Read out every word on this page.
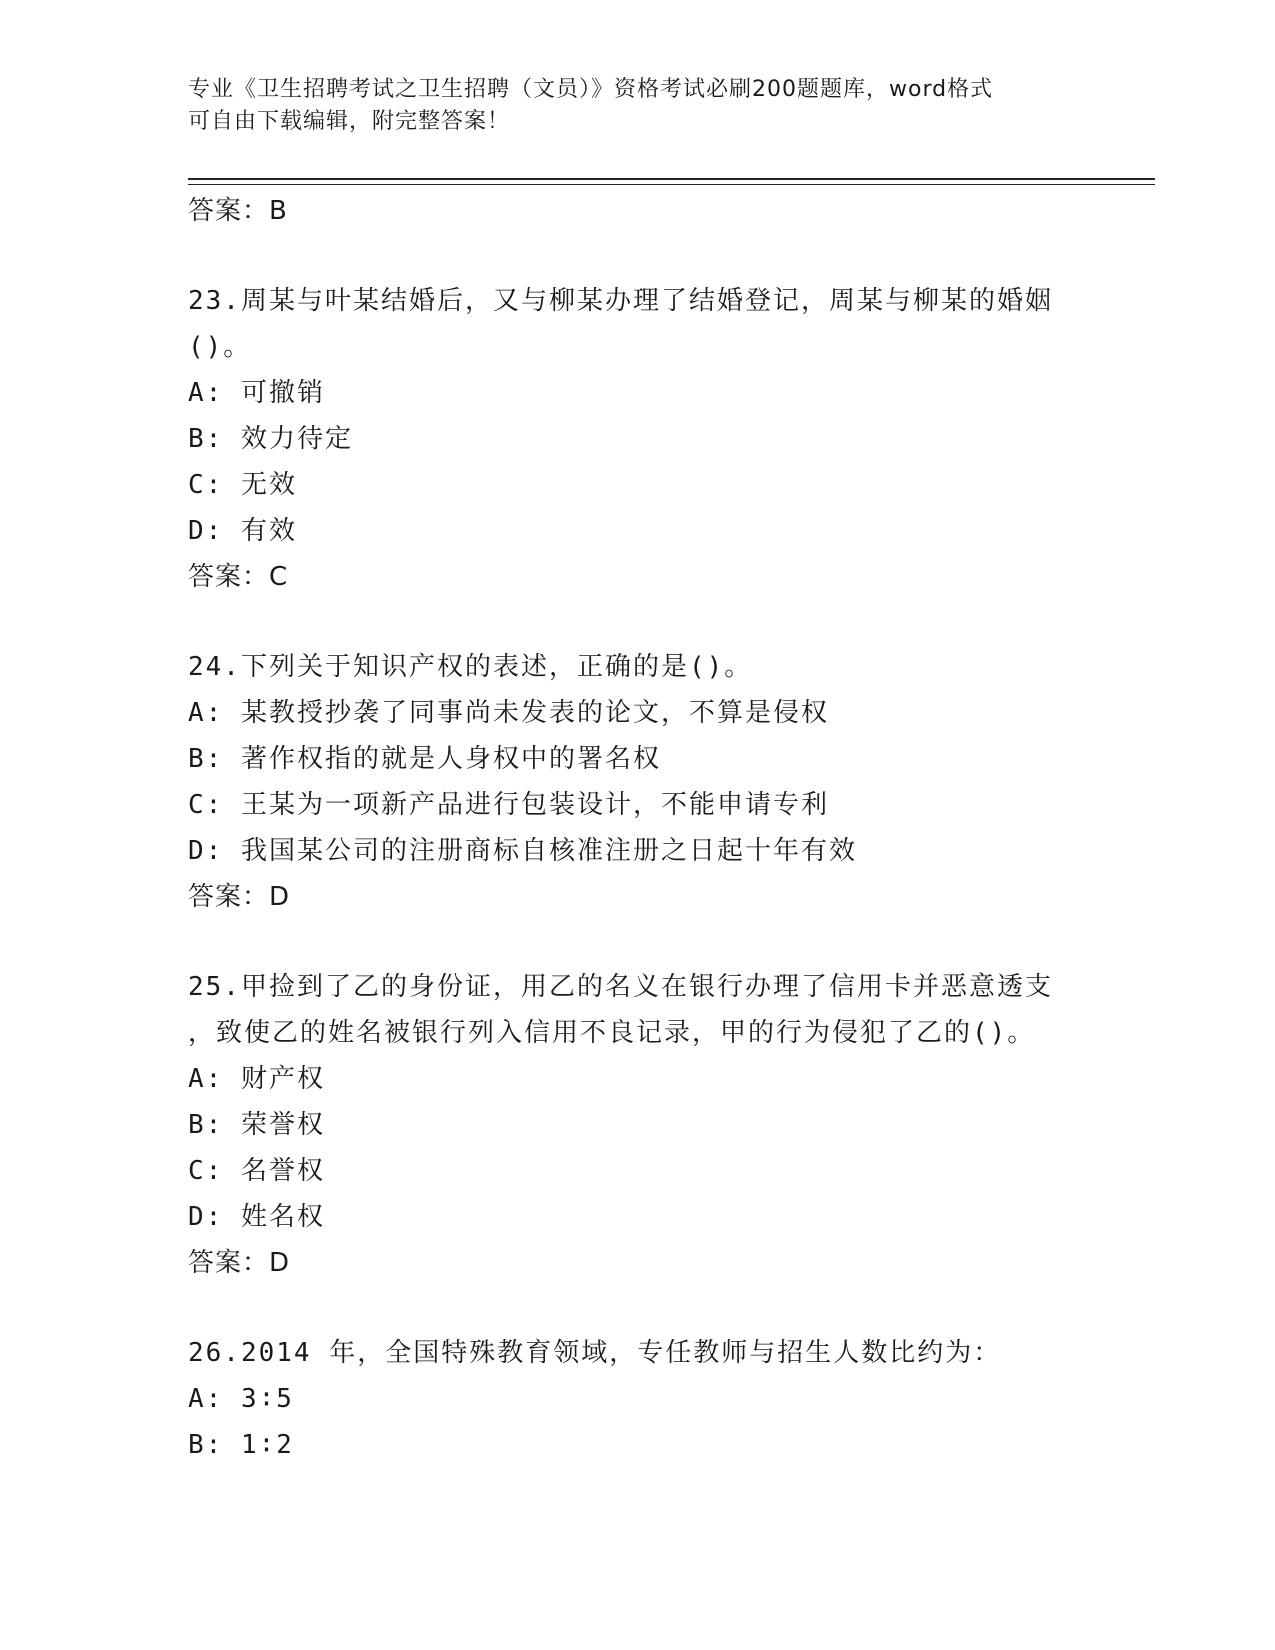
专业《卫生招聘考试之卫生招聘（文员）》资格考试必刷200题题库，word格式
可自由下载编辑，附完整答案！
答案：B
23.周某与叶某结婚后，又与柳某办理了结婚登记，周某与柳某的婚姻
()。
A: 可撤销
B: 效力待定
C: 无效
D: 有效
答案：C
24.下列关于知识产权的表述，正确的是()。
A: 某教授抄袭了同事尚未发表的论文，不算是侵权
B: 著作权指的就是人身权中的署名权
C: 王某为一项新产品进行包装设计，不能申请专利
D: 我国某公司的注册商标自核准注册之日起十年有效
答案：D
25.甲捡到了乙的身份证，用乙的名义在银行办理了信用卡并恶意透支
，致使乙的姓名被银行列入信用不良记录，甲的行为侵犯了乙的()。
A: 财产权
B: 荣誉权
C: 名誉权
D: 姓名权
答案：D
26.2014 年，全国特殊教育领域，专任教师与招生人数比约为：
A: 3∶5
B: 1∶2
